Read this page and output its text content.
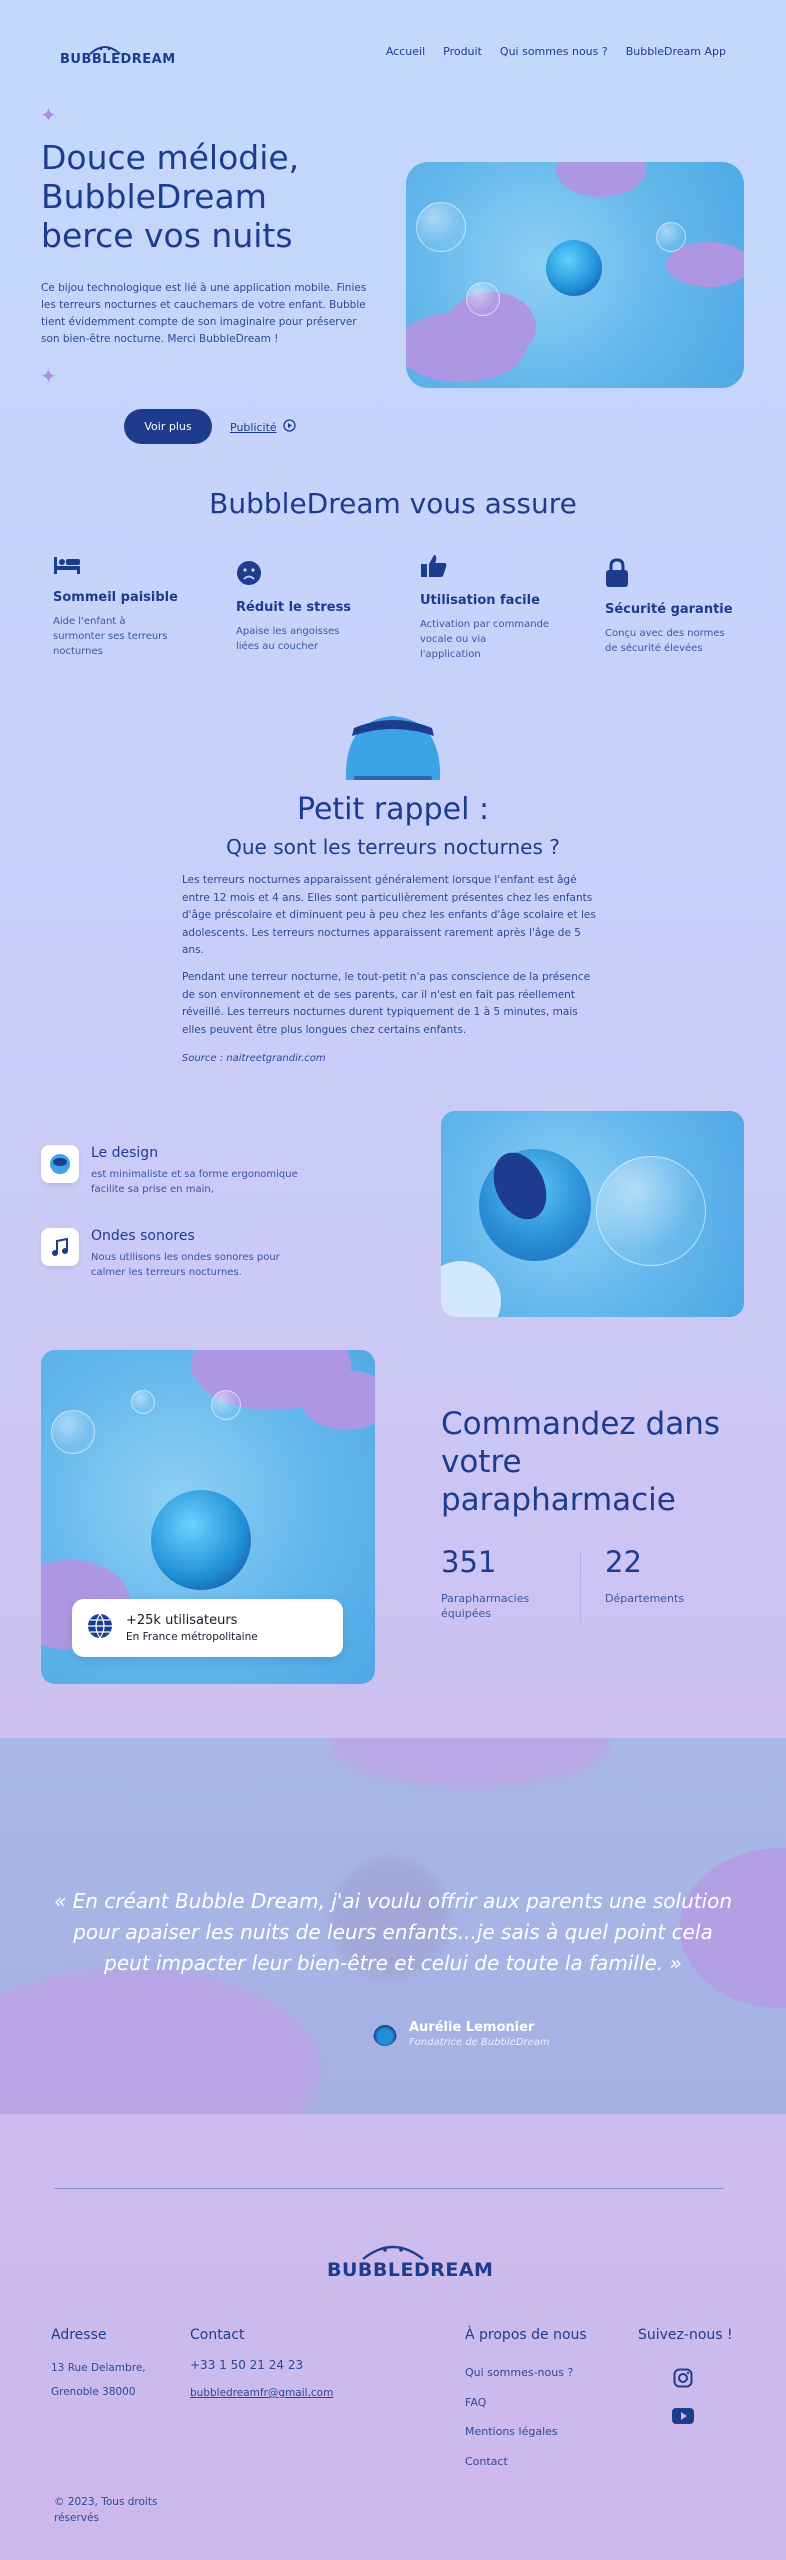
BUBBLEDREAM
Accueil Produit Qui sommes nous ? BubbleDream App
✦
Douce mélodie,
BubbleDream
berce vos nuits
Ce bijou technologique est lié à une application mobile. Finies les terreurs nocturnes et cauchemars de votre enfant. Bubble tient évidemment compte de son imaginaire pour préserver son bien-être nocturne. Merci BubbleDream !
✦
Voir plus	Publicité
BubbleDream vous assure
Sommeil paisible
Aide l'enfant à surmonter ses terreurs nocturnes
Réduit le stress
Apaise les angoisses liées au coucher
Utilisation facile
Activation par commande vocale ou via l'application
Sécurité garantie
Conçu avec des normes de sécurité élevées
Petit rappel :
Que sont les terreurs nocturnes ?
Les terreurs nocturnes apparaissent généralement lorsque l'enfant est âgé entre 12 mois et 4 ans. Elles sont particulièrement présentes chez les enfants d'âge préscolaire et diminuent peu à peu chez les enfants d'âge scolaire et les adolescents. Les terreurs nocturnes apparaissent rarement après l'âge de 5 ans.
Pendant une terreur nocturne, le tout-petit n'a pas conscience de la présence de son environnement et de ses parents, car il n'est en fait pas réellement réveillé. Les terreurs nocturnes durent typiquement de 1 à 5 minutes, mais elles peuvent être plus longues chez certains enfants.
Source : naitreetgrandir.com
Le design
est minimaliste et sa forme ergonomique facilite sa prise en main,
Ondes sonores
Nous utilisons les ondes sonores pour calmer les terreurs nocturnes.
+25k utilisateurs
En France métropolitaine
Commandez dans
votre
parapharmacie
351
Parapharmacies
équipées
22
Départements
« En créant Bubble Dream, j'ai voulu offrir aux parents une solution
pour apaiser les nuits de leurs enfants...je sais à quel point cela
peut impacter leur bien-être et celui de toute la famille. »
Aurélie Lemonier
Fondatrice de BubbleDream
BUBBLEDREAM
Adresse
13 Rue Delambre,
Grenoble 38000
Contact
+33 1 50 21 24 23
bubbledreamfr@gmail.com
À propos de nous
Qui sommes-nous ?
FAQ
Mentions légales
Contact
Suivez-nous !
© 2023, Tous droits
réservés
